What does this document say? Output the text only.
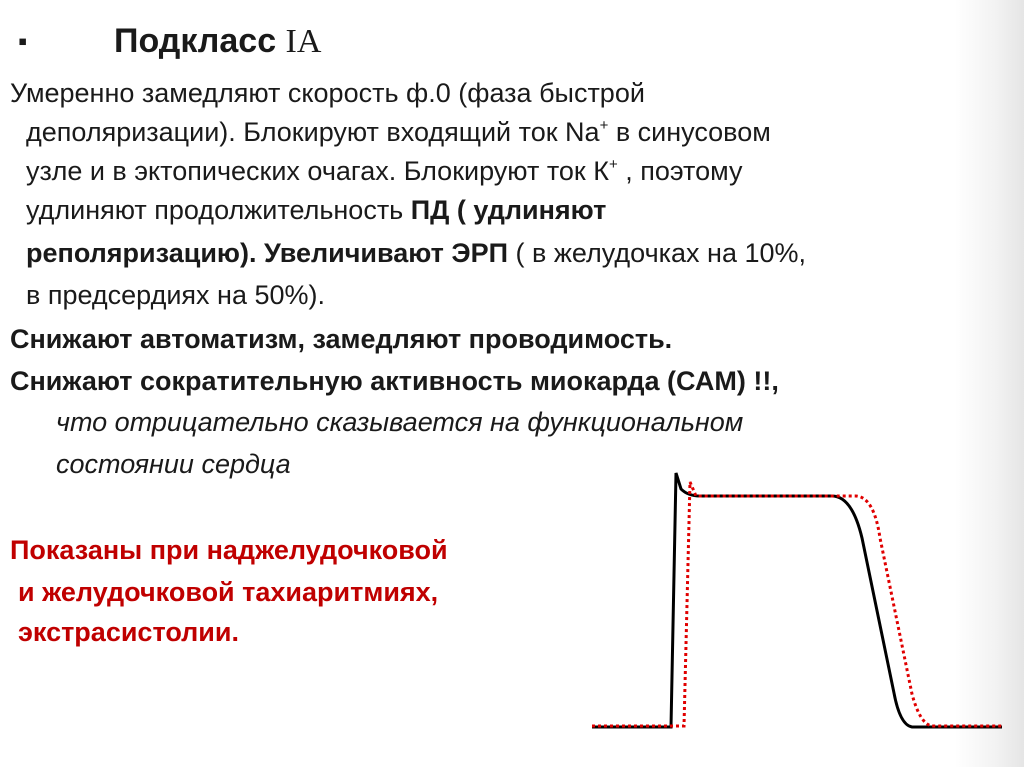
▪	Подкласс IA
Умеренно замедляют скорость ф.0 (фаза быстрой
деполяризации). Блокируют входящий ток Na+ в синусовом
узле и в эктопических очагах. Блокируют ток К+ , поэтому
удлиняют продолжительность ПД ( удлиняют
реполяризацию). Увеличивают ЭРП ( в желудочках на 10%,
в предсердиях на 50%).
Снижают автоматизм, замедляют проводимость.
Снижают сократительную активность миокарда (САМ) !!,
что отрицательно сказывается на функциональном
состоянии сердца
Показаны при наджелудочковой
и желудочковой тахиаритмиях,
экстрасистолии.
